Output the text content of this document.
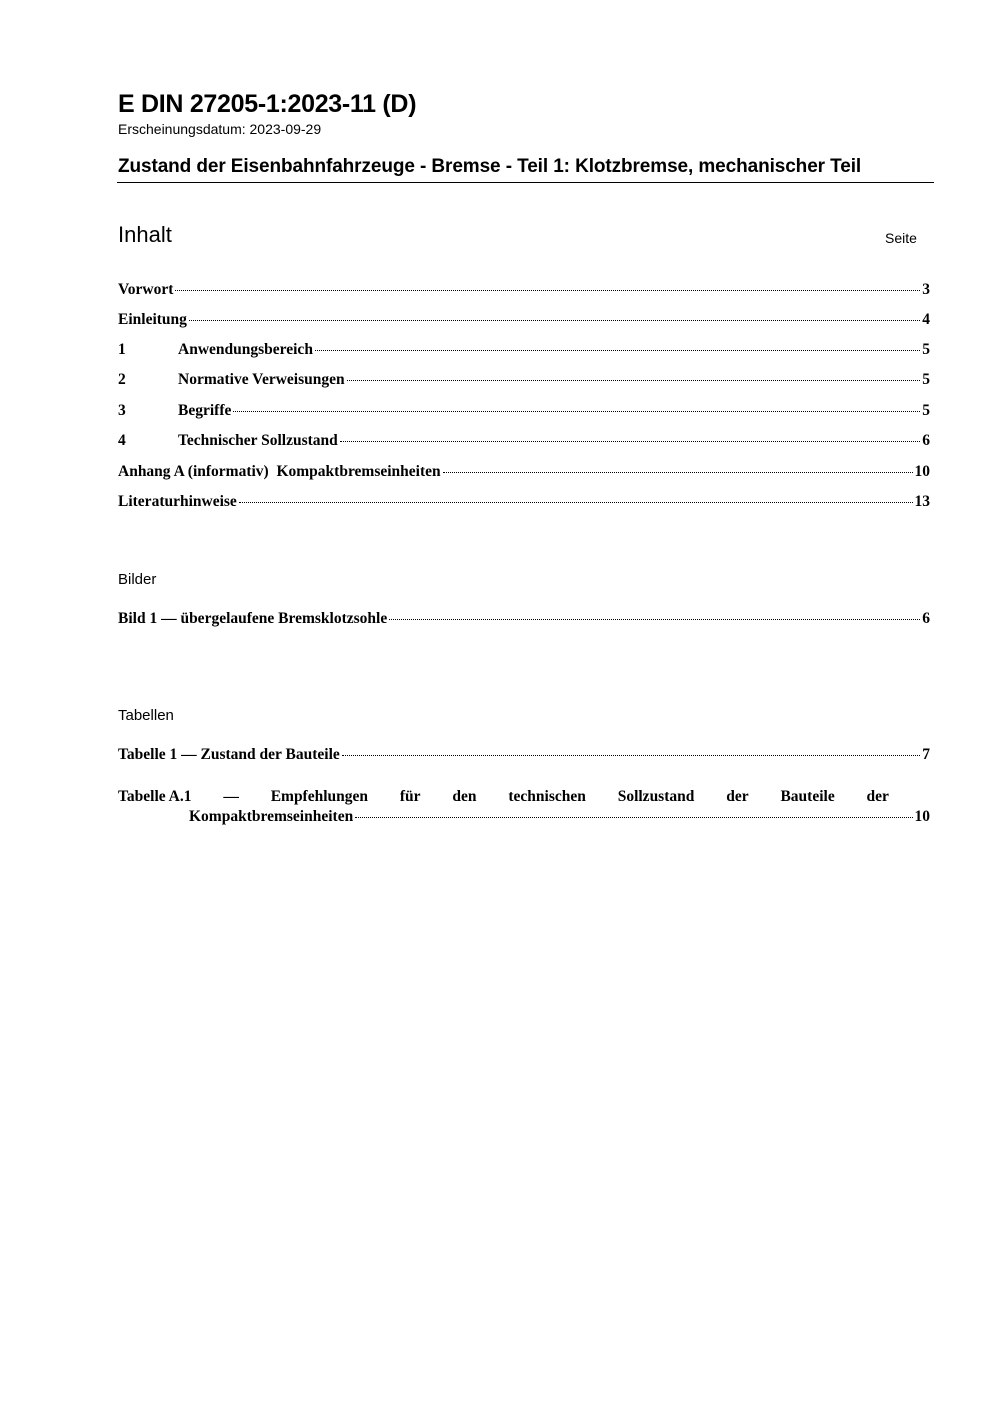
E DIN 27205-1:2023-11 (D)
Erscheinungsdatum: 2023-09-29
Zustand der Eisenbahnfahrzeuge - Bremse - Teil 1: Klotzbremse, mechanischer Teil
Inhalt	Seite
Vorwort	3
Einleitung	4
1	Anwendungsbereich	5
2	Normative Verweisungen	5
3	Begriffe	5
4	Technischer Sollzustand	6
Anhang A (informativ)  Kompaktbremseinheiten	10
Literaturhinweise	13
Bilder
Bild 1 — übergelaufene Bremsklotzsohle	6
Tabellen
Tabelle 1 — Zustand der Bauteile	7
Tabelle A.1 — Empfehlungen für den technischen Sollzustand der Bauteile der
Kompaktbremseinheiten	10
